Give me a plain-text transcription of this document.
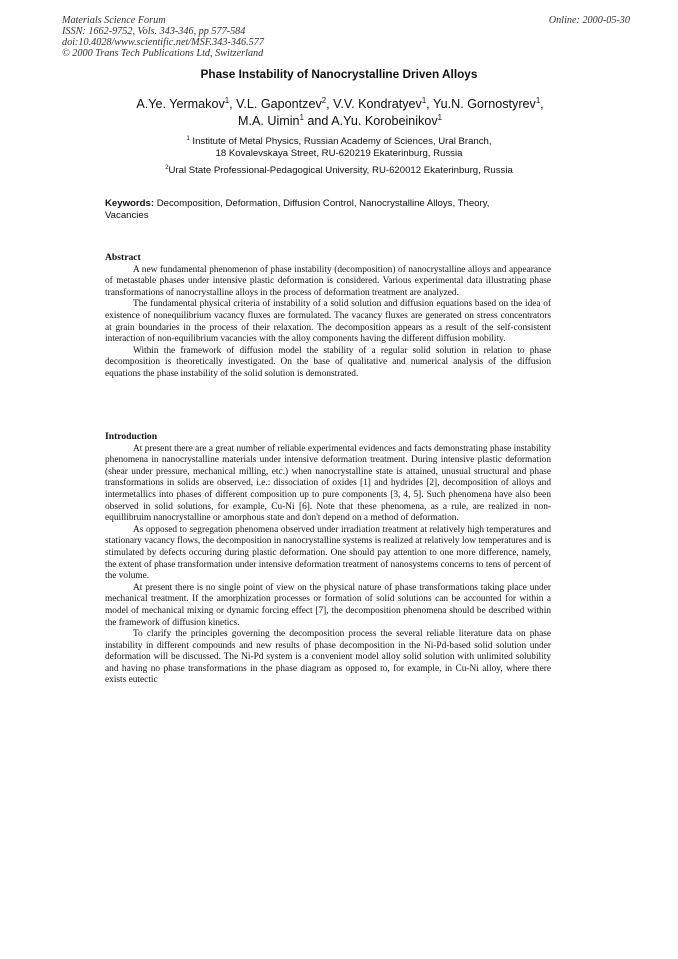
Materials Science Forum
ISSN: 1662-9752, Vols. 343-346, pp 577-584
doi:10.4028/www.scientific.net/MSF.343-346.577
© 2000 Trans Tech Publications Ltd, Switzerland
Online: 2000-05-30
Phase Instability of Nanocrystalline Driven Alloys
A.Ye. Yermakov$^1$, V.L. Gapontzev$^2$, V.V. Kondratyev$^1$, Yu.N. Gornostyrev$^1$,
M.A. Uimin$^1$ and A.Yu. Korobeinikov$^1$
$^1$ Institute of Metal Physics, Russian Academy of Sciences, Ural Branch,
18 Kovalevskaya Street, RU-620219 Ekaterinburg, Russia
$^2$Ural State Professional-Pedagogical University, RU-620012 Ekaterinburg, Russia
Keywords: Decomposition, Deformation, Diffusion Control, Nanocrystalline Alloys, Theory, Vacancies
Abstract

A new fundamental phenomenon of phase instability (decomposition) of nanocrystalline alloys and appearance of metastable phases under intensive plastic deformation is considered. Various experimental data illustrating phase transformations of nanocrystalline alloys in the process of deformation treatment are analyzed.

The fundamental physical criteria of instability of a solid solution and diffusion equations based on the idea of existence of nonequilibrium vacancy fluxes are formulated. The vacancy fluxes are generated on stress concentrators at grain boundaries in the process of their relaxation. The decomposition appears as a result of the self-consistent interaction of non-equilibrium vacancies with the alloy components having the different diffusion mobility.

Within the framework of diffusion model the stability of a regular solid solution in relation to phase decomposition is theoretically investigated. On the base of qualitative and numerical analysis of the diffusion equations the phase instability of the solid solution is demonstrated.

Introduction

At present there are a great number of reliable experimental evidences and facts demonstrating phase instability phenomena in nanocrystalline materials under intensive deformation treatment. During intensive plastic deformation (shear under pressure, mechanical milling, etc.) when nanocrystalline state is attained, unusual structural and phase transformations in solids are observed, i.e.: dissociation of oxides [1] and hydrides [2], decomposition of alloys and intermetallics into phases of different composition up to pure components [3, 4, 5]. Such phenomena have also been observed in solid solutions, for example, Cu-Ni [6]. Note that these phenomena, as a rule, are realized in non-equillibruim nanocrystalline or amorphous state and don't depend on a method of deformation.

As opposed to segregation phenomena observed under irradiation treatment at relatively high temperatures and stationary vacancy flows, the decomposition in nanocrystalline systems is realized at relatively low temperatures and is stimulated by defects occuring during plastic deformation. One should pay attention to one more difference, namely, the extent of phase transformation under intensive deformation treatment of nanosystems concerns to tens of percent of the volume.

At present there is no single point of view on the physical nature of phase transformations taking place under mechanical treatment. If the amorphization processes or formation of solid solutions can be accounted for within a model of mechanical mixing or dynamic forcing effect [7], the decomposition phenomena should be described within the framework of diffusion kinetics.

To clarify the principles governing the decomposition process the several reliable literature data on phase instability in different compounds and new results of phase decomposition in the Ni-Pd-based solid solution under deformation will be discussed. The Ni-Pd system is a convenient model alloy solid solution with unlimited solubility and having no phase transformations in the phase diagram as opposed to, for example, in Cu-Ni alloy, where there exists eutectic
